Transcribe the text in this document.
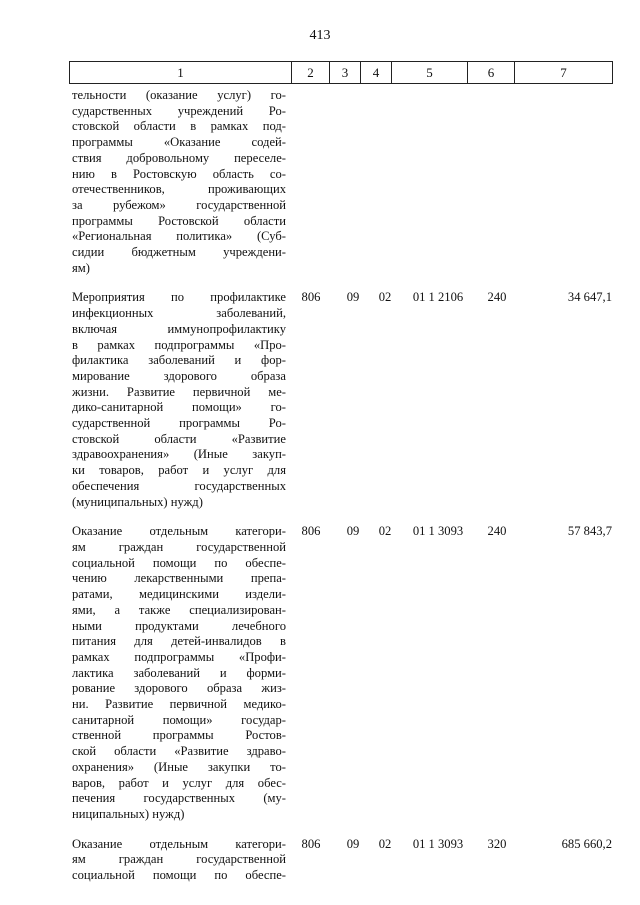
413
1	2	3	4	5	6	7
тельности (оказание услуг) го-
сударственных учреждений Ро-
стовской области в рамках под-
программы «Оказание содей-
ствия добровольному переселе-
нию в Ростовскую область со-
отечественников, проживающих
за рубежом» государственной
программы Ростовской области
«Региональная политика» (Суб-
сидии бюджетным учреждени-
ям)
Мероприятия по профилактике
инфекционных заболеваний,
включая иммунопрофилактику
в рамках подпрограммы «Про-
филактика заболеваний и фор-
мирование здорового образа
жизни. Развитие первичной ме-
дико-санитарной помощи» го-
сударственной программы Ро-
стовской области «Развитие
здравоохранения» (Иные закуп-
ки товаров, работ и услуг для
обеспечения государственных
(муниципальных) нужд)
806	09	02	01 1 2106	240	34 647,1
Оказание отдельным категори-
ям граждан государственной
социальной помощи по обеспе-
чению лекарственными препа-
ратами, медицинскими издели-
ями, а также специализирован-
ными продуктами лечебного
питания для детей-инвалидов в
рамках подпрограммы «Профи-
лактика заболеваний и форми-
рование здорового образа жиз-
ни. Развитие первичной медико-
санитарной помощи» государ-
ственной программы Ростов-
ской области «Развитие здраво-
охранения» (Иные закупки то-
варов, работ и услуг для обес-
печения государственных (му-
ниципальных) нужд)
806	09	02	01 1 3093	240	57 843,7
Оказание отдельным категори-
ям граждан государственной
социальной помощи по обеспе-
806	09	02	01 1 3093	320	685 660,2
